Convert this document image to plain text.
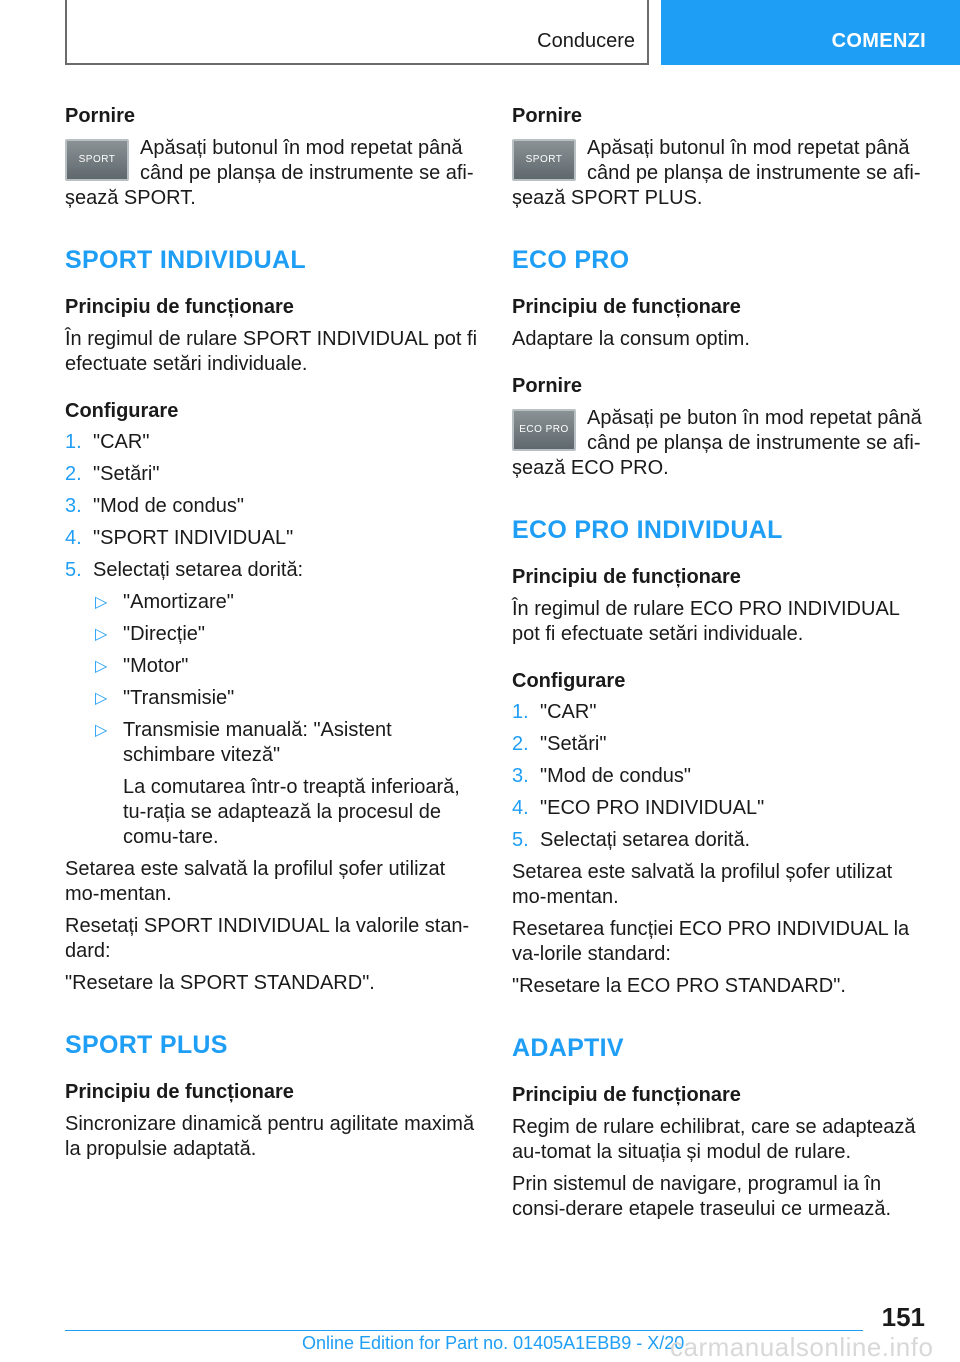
Conducere	COMENZI
Pornire
SPORT
Apăsați butonul în mod repetat până când pe planșa de instrumente se afi-șează SPORT.
SPORT INDIVIDUAL
Principiu de funcționare
În regimul de rulare SPORT INDIVIDUAL pot fi efectuate setări individuale.
Configurare
1. "CAR"
2. "Setări"
3. "Mod de condus"
4. "SPORT INDIVIDUAL"
5. Selectați setarea dorită:
▷ "Amortizare"
▷ "Direcție"
▷ "Motor"
▷ "Transmisie"
▷ Transmisie manuală: "Asistent schimbare viteză"
La comutarea într-o treaptă inferioară, tu-rația se adaptează la procesul de comu-tare.
Setarea este salvată la profilul șofer utilizat mo-mentan.
Resetați SPORT INDIVIDUAL la valorile stan-dard:
"Resetare la SPORT STANDARD".
SPORT PLUS
Principiu de funcționare
Sincronizare dinamică pentru agilitate maximă la propulsie adaptată.
Pornire
SPORT
Apăsați butonul în mod repetat până când pe planșa de instrumente se afi-șează SPORT PLUS.
ECO PRO
Principiu de funcționare
Adaptare la consum optim.
Pornire
ECO PRO
Apăsați pe buton în mod repetat până când pe planșa de instrumente se afi-șează ECO PRO.
ECO PRO INDIVIDUAL
Principiu de funcționare
În regimul de rulare ECO PRO INDIVIDUAL pot fi efectuate setări individuale.
Configurare
1. "CAR"
2. "Setări"
3. "Mod de condus"
4. "ECO PRO INDIVIDUAL"
5. Selectați setarea dorită.
Setarea este salvată la profilul șofer utilizat mo-mentan.
Resetarea funcției ECO PRO INDIVIDUAL la va-lorile standard:
"Resetare la ECO PRO STANDARD".
ADAPTIV
Principiu de funcționare
Regim de rulare echilibrat, care se adaptează au-tomat la situația și modul de rulare.
Prin sistemul de navigare, programul ia în consi-derare etapele traseului ce urmează.
151
Online Edition for Part no. 01405A1EBB9 - X/20
carmanualsonline.info
